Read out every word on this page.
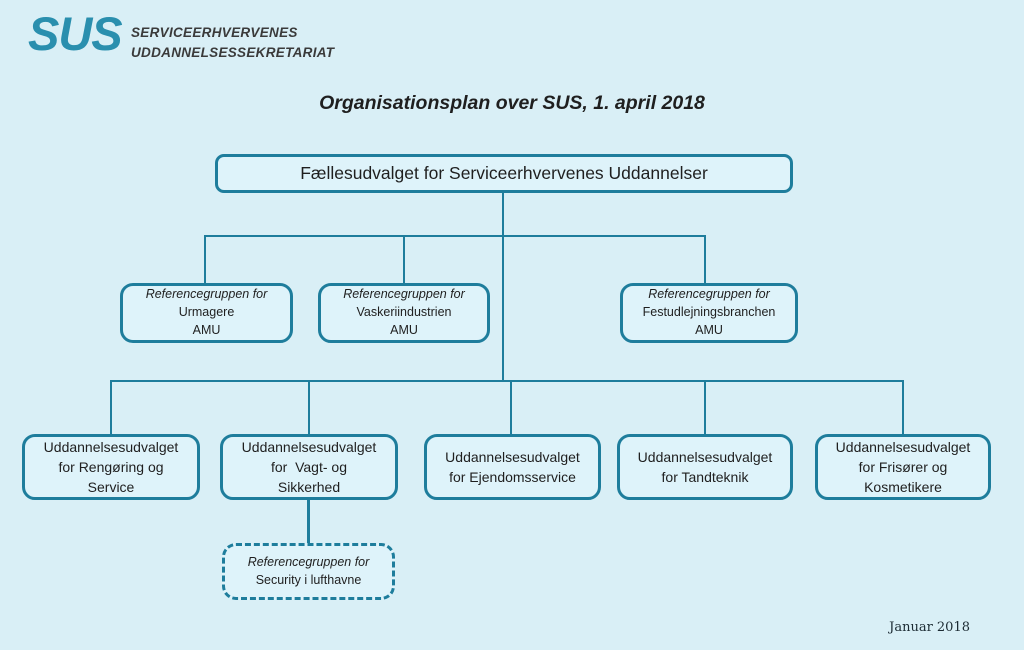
SUS SERVICEERHVERVENES
UDDANNELSESSEKRETARIAT
Organisationsplan over SUS, 1. april 2018
Fællesudvalget for Serviceerhvervenes Uddannelser
Referencegruppen for
Urmagere
AMU
Referencegruppen for
Vaskeriindustrien
AMU
Referencegruppen for
Festudlejningsbranchen
AMU
Uddannelsesudvalget
for Rengøring og
Service
Uddannelsesudvalget
for  Vagt- og
Sikkerhed
Uddannelsesudvalget
for Ejendomsservice
Uddannelsesudvalget
for Tandteknik
Uddannelsesudvalget
for Frisører og
Kosmetikere
Referencegruppen for
Security i lufthavne
Januar 2018
